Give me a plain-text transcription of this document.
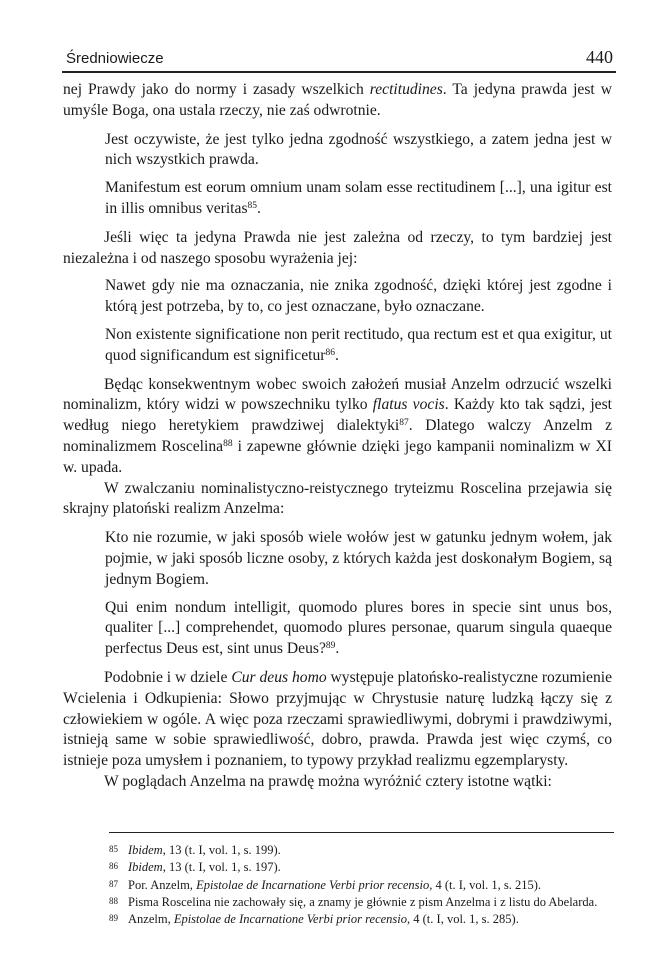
Średniowiecze	440

nej Prawdy jako do normy i zasady wszelkich rectitudines. Ta jedyna prawda jest w umyśle Boga, ona ustala rzeczy, nie zaś odwrotnie.

Jest oczywiste, że jest tylko jedna zgodność wszystkiego, a zatem jedna jest w nich wszystkich prawda.

Manifestum est eorum omnium unam solam esse rectitudinem [...], una igitur est in illis omnibus veritas$^{85}$.

Jeśli więc ta jedyna Prawda nie jest zależna od rzeczy, to tym bardziej jest niezależna i od naszego sposobu wyrażenia jej:

Nawet gdy nie ma oznaczania, nie znika zgodność, dzięki której jest zgodne i którą jest potrzeba, by to, co jest oznaczane, było oznaczane.

Non existente significatione non perit rectitudo, qua rectum est et qua exigitur, ut quod significandum est significetur$^{86}$.

Będąc konsekwentnym wobec swoich założeń musiał Anzelm odrzucić wszelki nominalizm, który widzi w powszechniku tylko flatus vocis. Każdy kto tak sądzi, jest według niego heretykiem prawdziwej dialektyki$^{87}$. Dlatego walczy Anzelm z nominalizmem Roscelina$^{88}$ i zapewne głównie dzięki jego kampanii nominalizm w XI w. upada.

W zwalczaniu nominalistyczno-reistycznego tryteizmu Roscelina przejawia się skrajny platoński realizm Anzelma:

Kto nie rozumie, w jaki sposób wiele wołów jest w gatunku jednym wołem, jak pojmie, w jaki sposób liczne osoby, z których każda jest doskonałym Bogiem, są jednym Bogiem.

Qui enim nondum intelligit, quomodo plures bores in specie sint unus bos, qualiter [...] comprehendet, quomodo plures personae, quarum singula quaeque perfectus Deus est, sint unus Deus?$^{89}$.

Podobnie i w dziele Cur deus homo występuje platońsko-realistyczne rozumienie Wcielenia i Odkupienia: Słowo przyjmując w Chrystusie naturę ludzką łączy się z człowiekiem w ogóle. A więc poza rzeczami sprawiedliwymi, dobrymi i prawdziwymi, istnieją same w sobie sprawiedliwość, dobro, prawda. Prawda jest więc czymś, co istnieje poza umysłem i poznaniem, to typowy przykład realizmu egzemplarysty.

W poglądach Anzelma na prawdę można wyróżnić cztery istotne wątki:

85 Ibidem, 13 (t. I, vol. 1, s. 199).

86 Ibidem, 13 (t. I, vol. 1, s. 197).

87 Por. Anzelm, Epistolae de Incarnatione Verbi prior recensio, 4 (t. I, vol. 1, s. 215).

88 Pisma Roscelina nie zachowały się, a znamy je głównie z pism Anzelma i z listu do Abelarda.

89 Anzelm, Epistolae de Incarnatione Verbi prior recensio, 4 (t. I, vol. 1, s. 285).
